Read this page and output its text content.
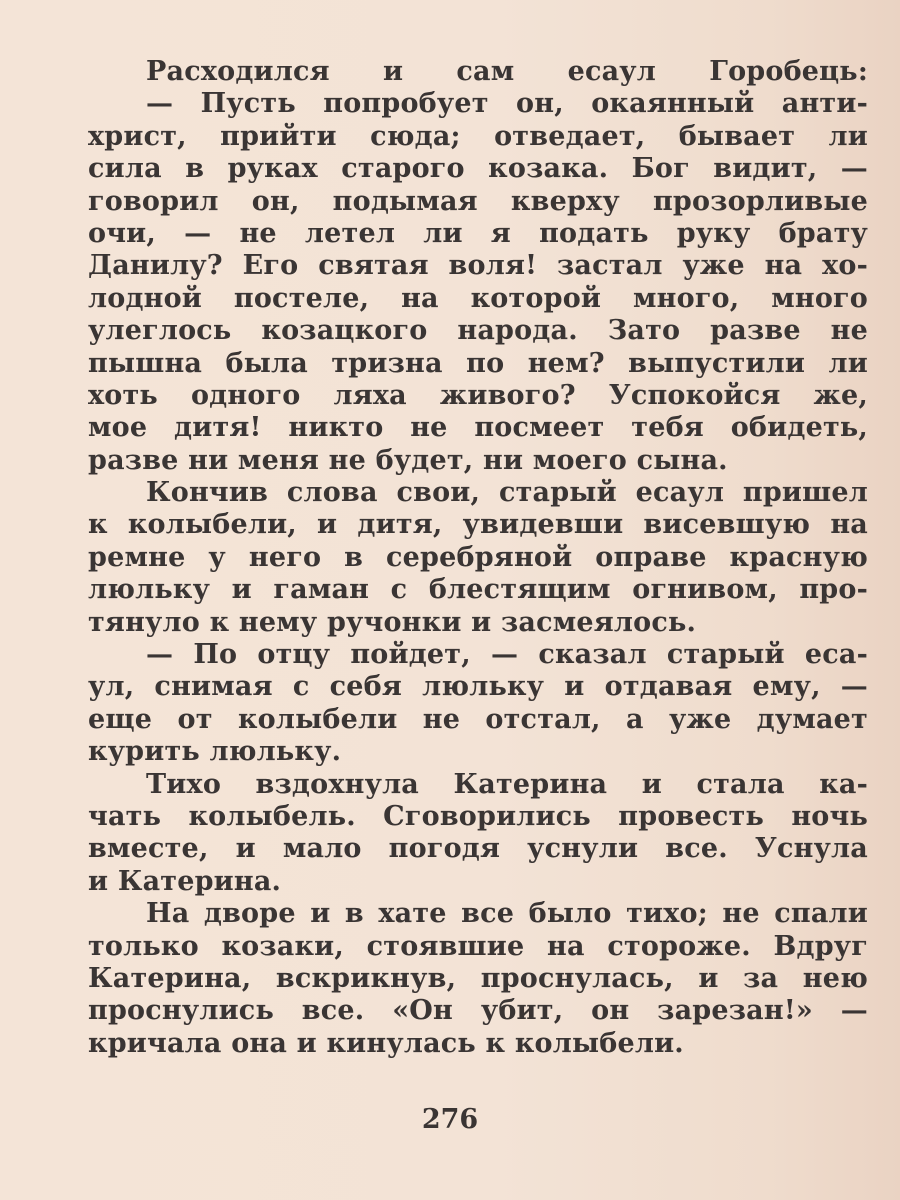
Расходился и сам есаул Горобець:
— Пусть попробует он, окаянный анти-
христ, прийти сюда; отведает, бывает ли
сила в руках старого козака. Бог видит, —
говорил он, подымая кверху прозорливые
очи, — не летел ли я подать руку брату
Данилу? Его святая воля! застал уже на хо-
лодной постеле, на которой много, много
улеглось козацкого народа. Зато разве не
пышна была тризна по нем? выпустили ли
хоть одного ляха живого? Успокойся же,
мое дитя! никто не посмеет тебя обидеть,
разве ни меня не будет, ни моего сына.
Кончив слова свои, старый есаул пришел
к колыбели, и дитя, увидевши висевшую на
ремне у него в серебряной оправе красную
люльку и гаман с блестящим огнивом, про-
тянуло к нему ручонки и засмеялось.
— По отцу пойдет, — сказал старый еса-
ул, снимая с себя люльку и отдавая ему, —
еще от колыбели не отстал, а уже думает
курить люльку.
Тихо вздохнула Катерина и стала ка-
чать колыбель. Сговорились провесть ночь
вместе, и мало погодя уснули все. Уснула
и Катерина.
На дворе и в хате все было тихо; не спали
только козаки, стоявшие на стороже. Вдруг
Катерина, вскрикнув, проснулась, и за нею
проснулись все. «Он убит, он зарезан!» —
кричала она и кинулась к колыбели.
276
